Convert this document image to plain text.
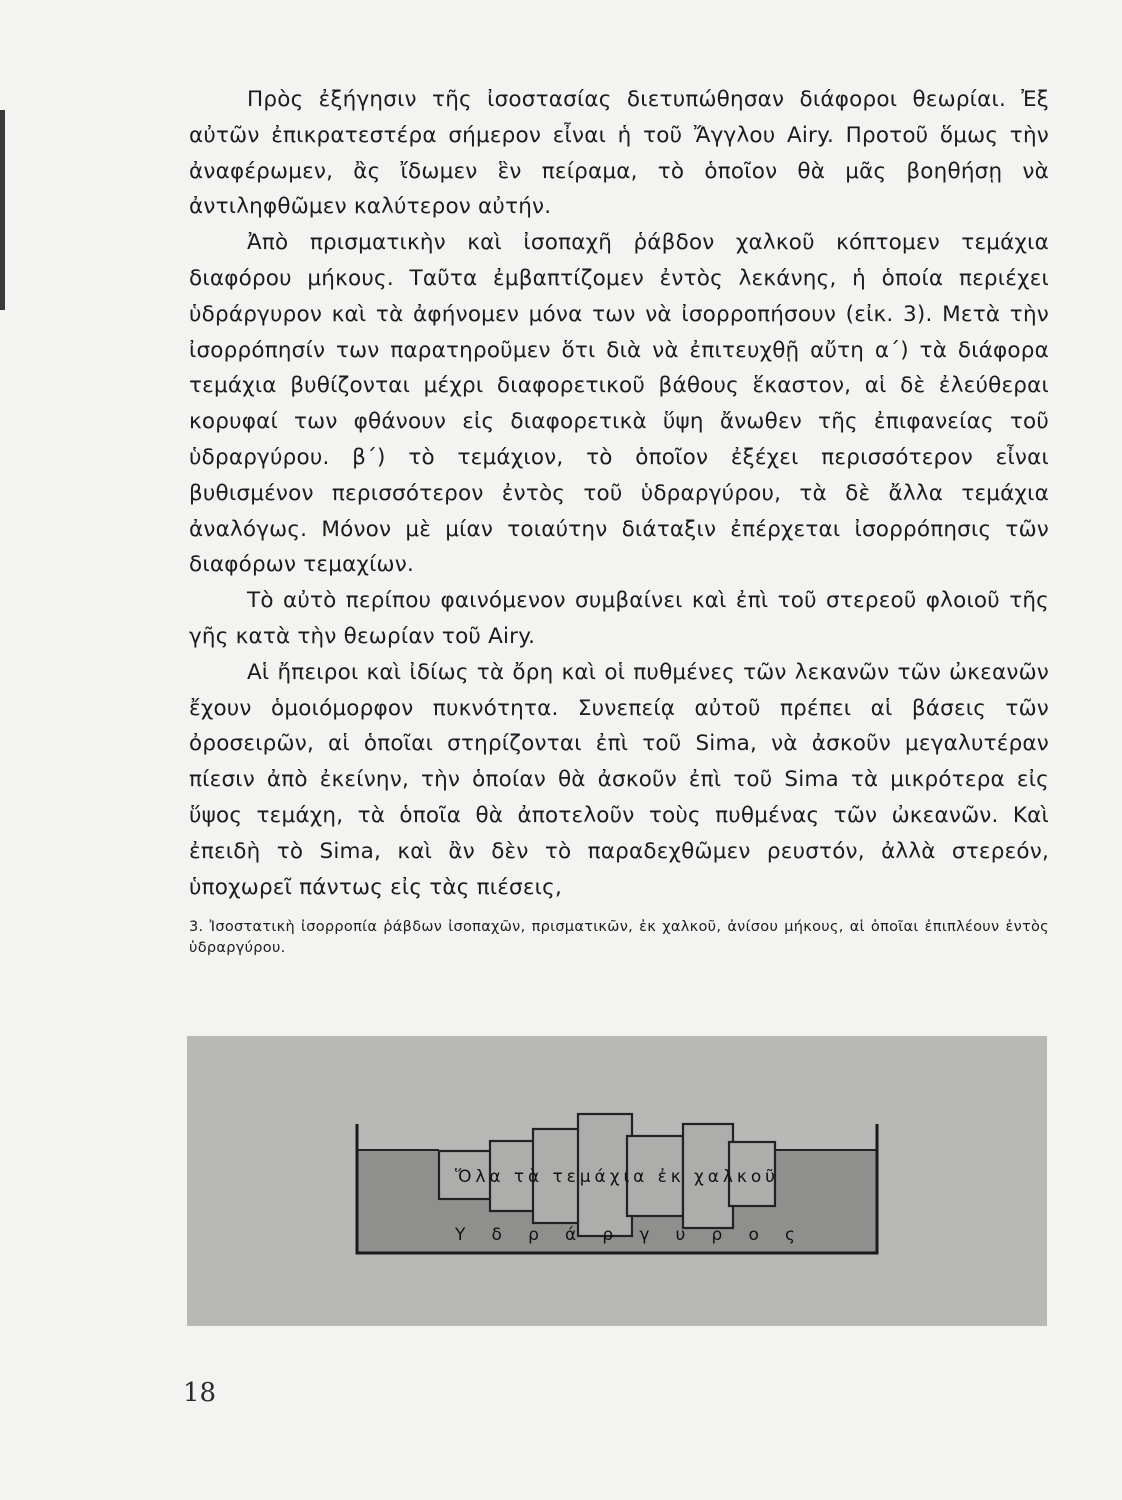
Πρὸς ἐξήγησιν τῆς ἰσοστασίας διετυπώθησαν διάφοροι θεωρίαι. Ἐξ αὐτῶν ἐπικρατεστέρα σήμερον εἶναι ἡ τοῦ Ἄγγλου Airy. Προτοῦ ὅμως τὴν ἀναφέρωμεν, ἂς ἴδωμεν ἓν πείραμα, τὸ ὁποῖον θὰ μᾶς βοηθήσῃ νὰ ἀντιληφθῶμεν καλύτερον αὐτήν.

Ἀπὸ πρισματικὴν καὶ ἰσοπαχῆ ῥάβδον χαλκοῦ κόπτομεν τεμάχια διαφόρου μήκους. Ταῦτα ἐμβαπτίζομεν ἐντὸς λεκάνης, ἡ ὁποία περιέχει ὑδράργυρον καὶ τὰ ἀφήνομεν μόνα των νὰ ἰσορροπήσουν (εἰκ. 3). Μετὰ τὴν ἰσορρόπησίν των παρατηροῦμεν ὅτι διὰ νὰ ἐπιτευχθῇ αὔτη α΄) τὰ διάφορα τεμάχια βυθίζονται μέχρι διαφορετικοῦ βάθους ἕκαστον, αἱ δὲ ἐλεύθεραι κορυφαί των φθάνουν εἰς διαφορετικὰ ὕψη ἄνωθεν τῆς ἐπιφανείας τοῦ ὑδραργύρου. β΄) τὸ τεμάχιον, τὸ ὁποῖον ἐξέχει περισσότερον εἶναι βυθισμένον περισσότερον ἐντὸς τοῦ ὑδραργύρου, τὰ δὲ ἄλλα τεμάχια ἀναλόγως. Μόνον μὲ μίαν τοιαύτην διάταξιν ἐπέρχεται ἰσορρόπησις τῶν διαφόρων τεμαχίων.

Τὸ αὐτὸ περίπου φαινόμενον συμβαίνει καὶ ἐπὶ τοῦ στερεοῦ φλοιοῦ τῆς γῆς κατὰ τὴν θεωρίαν τοῦ Airy.

Αἱ ἤπειροι καὶ ἰδίως τὰ ὄρη καὶ οἱ πυθμένες τῶν λεκανῶν τῶν ὠκεανῶν ἔχουν ὁμοιόμορφον πυκνότητα. Συνεπείᾳ αὐτοῦ πρέπει αἱ βάσεις τῶν ὀροσειρῶν, αἱ ὁποῖαι στηρίζονται ἐπὶ τοῦ Sima, νὰ ἀσκοῦν μεγαλυτέραν πίεσιν ἀπὸ ἐκείνην, τὴν ὁποίαν θὰ ἀσκοῦν ἐπὶ τοῦ Sima τὰ μικρότερα εἰς ὕψος τεμάχη, τὰ ὁποῖα θὰ ἀποτελοῦν τοὺς πυθμένας τῶν ὠκεανῶν. Καὶ ἐπειδὴ τὸ Sima, καὶ ἂν δὲν τὸ παραδεχθῶμεν ρευστόν, ἀλλὰ στερεόν, ὑποχωρεῖ πάντως εἰς τὰς πιέσεις,

3. Ἰσοστατικὴ ἰσορροπία ῥάβδων ἰσοπαχῶν, πρισματικῶν, ἐκ χαλκοῦ, ἀνίσου μήκους, αἱ ὁποῖαι ἐπιπλέουν ἐντὸς ὑδραργύρου.
Ὅλα τὰ τεμάχια ἐκ χαλκοῦ
Υ δ ρ ά ρ γ υ ρ ο ς
18
